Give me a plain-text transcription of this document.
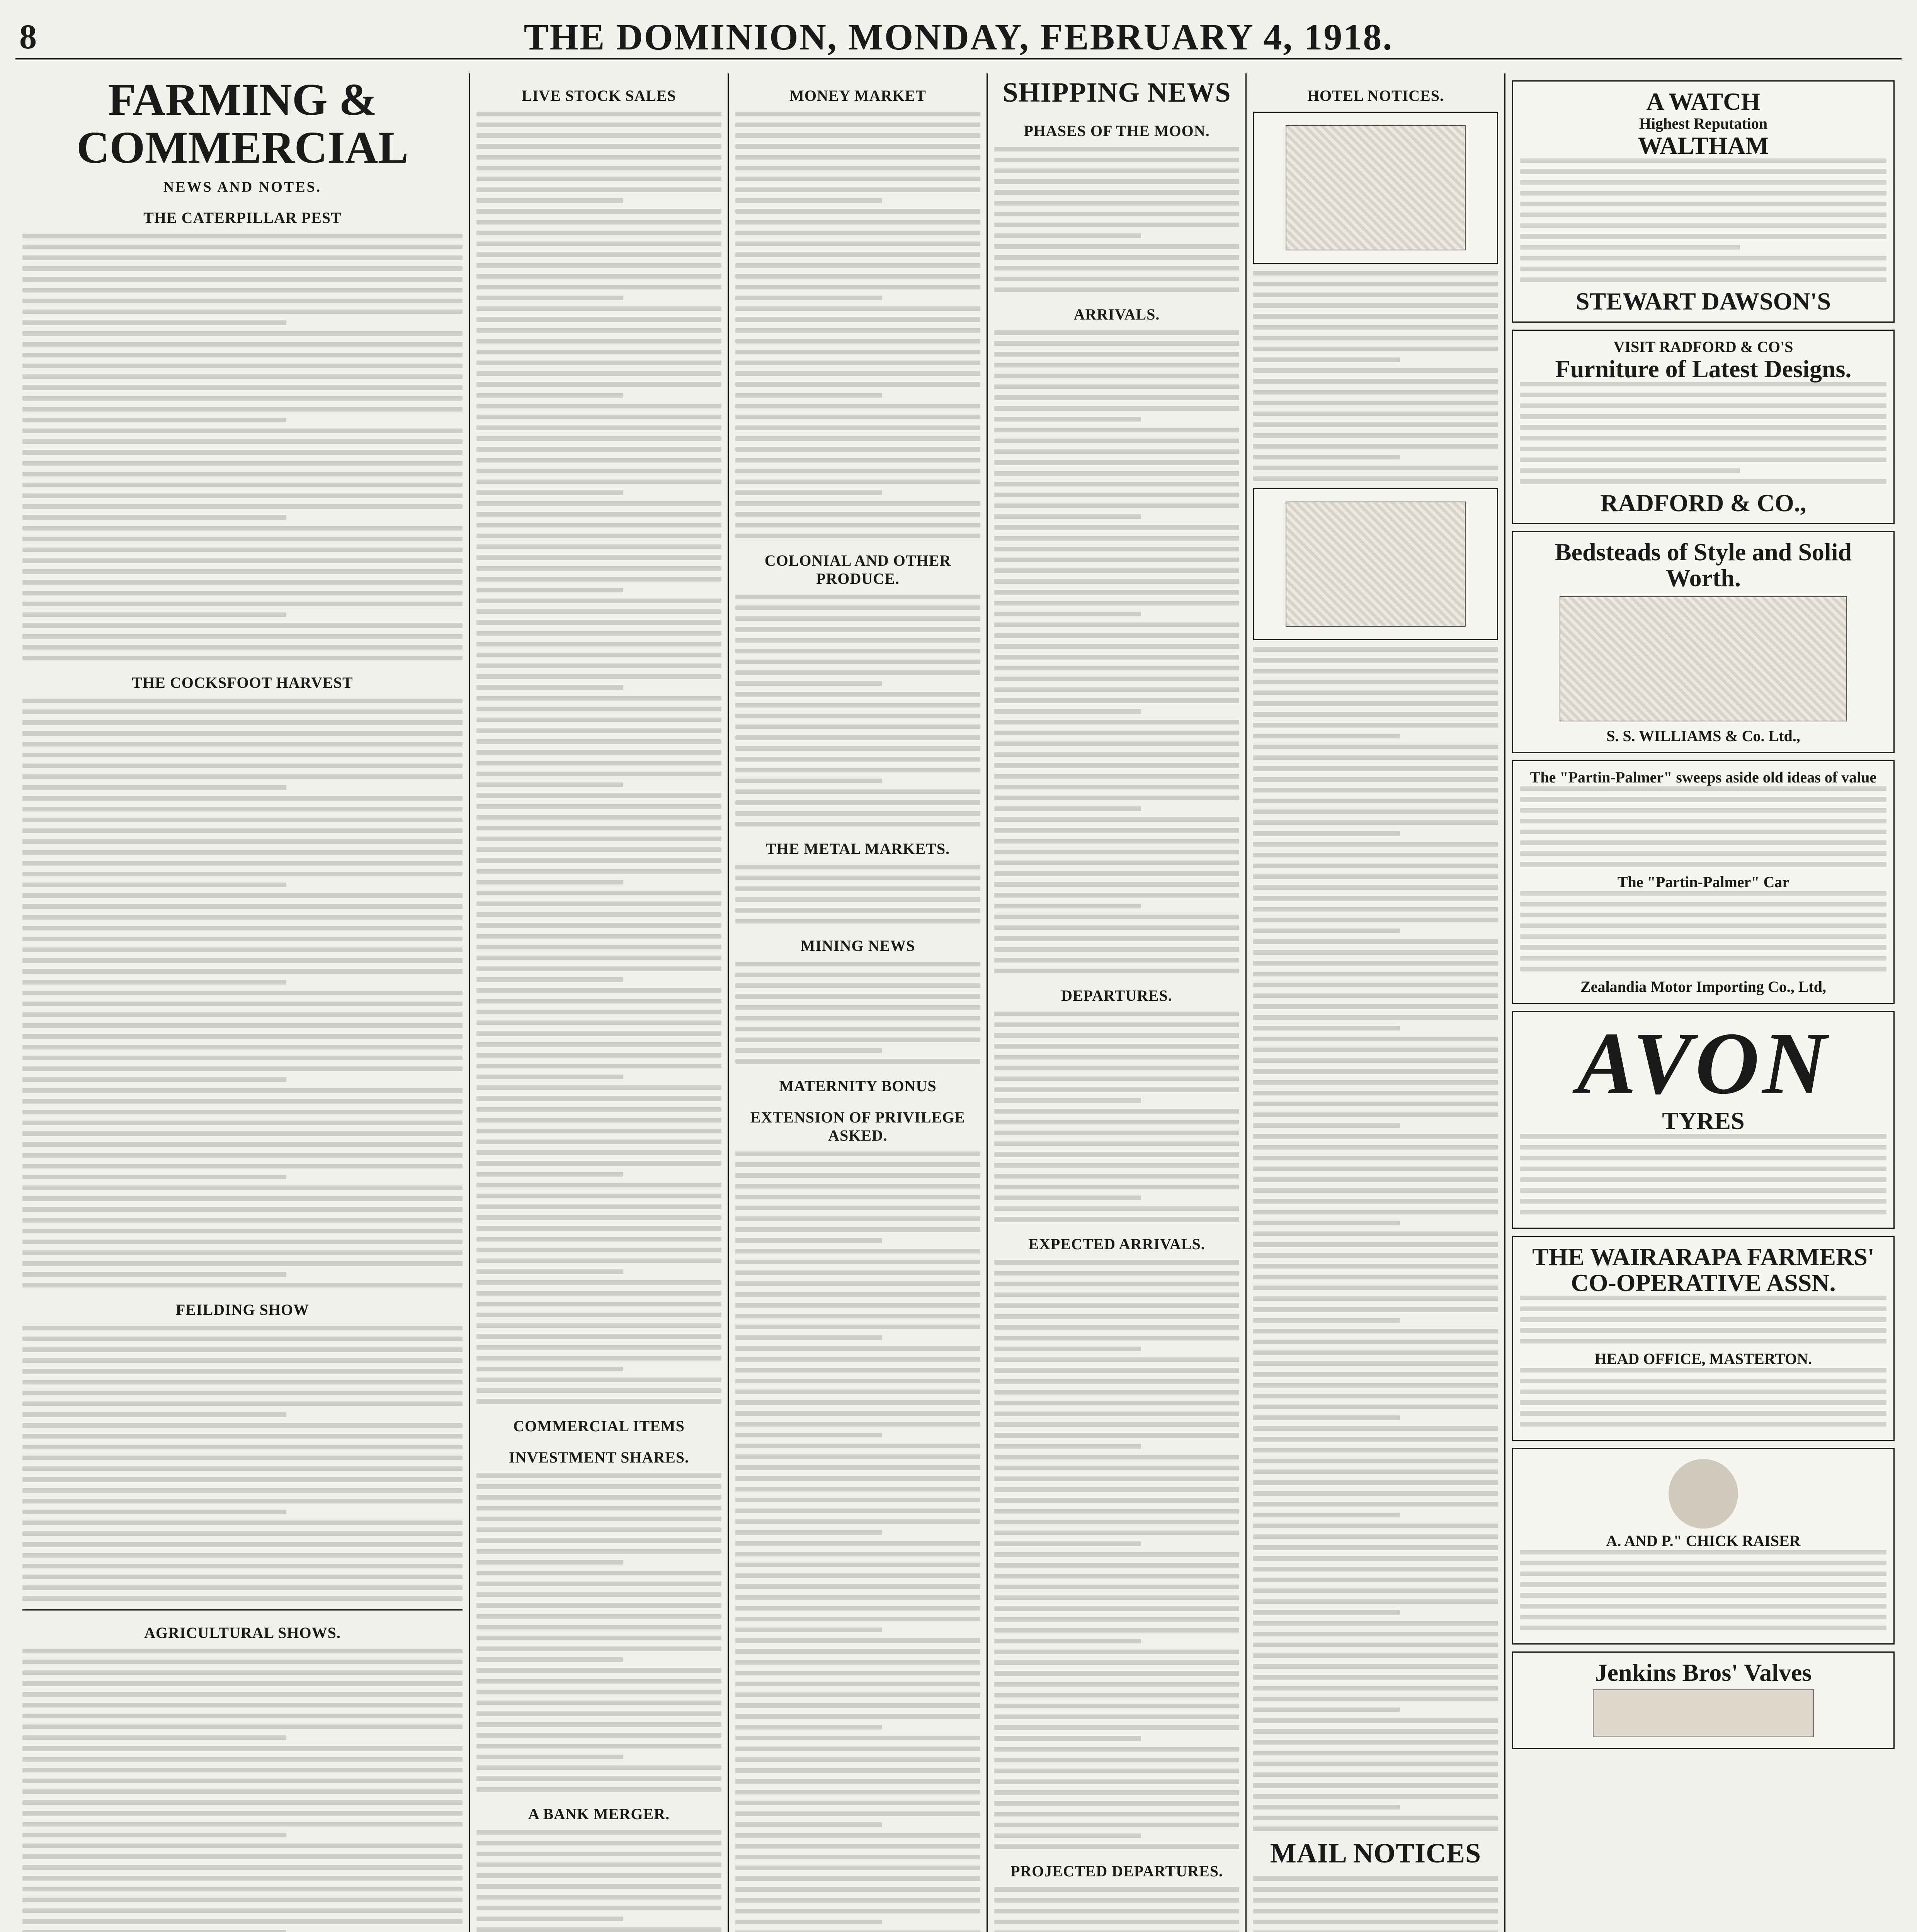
8	THE DOMINION, MONDAY, FEBRUARY 4, 1918.
FARMING & COMMERCIAL
NEWS AND NOTES.
THE CATERPILLAR PEST
THE COCKSFOOT HARVEST
FEILDING SHOW
AGRICULTURAL SHOWS.
LIVE STOCK SALES
COMMERCIAL ITEMS
INVESTMENT SHARES.
A BANK MERGER.
MONEY MARKET
COLONIAL AND OTHER PRODUCE.
THE METAL MARKETS.
MINING NEWS
MATERNITY BONUS
EXTENSION OF PRIVILEGE ASKED.
SHIPPING NEWS
PHASES OF THE MOON.
ARRIVALS.
DEPARTURES.
EXPECTED ARRIVALS.
PROJECTED DEPARTURES.
HOTEL NOTICES.
MAIL NOTICES
A WATCH
Highest Reputation
WALTHAM
STEWART DAWSON'S
VISIT RADFORD & CO'S
Furniture of Latest Designs.
RADFORD & CO.,
Bedsteads of Style and Solid Worth.
S. S. WILLIAMS & Co. Ltd.,
The "Partin-Palmer" sweeps aside old ideas of value
The "Partin-Palmer" Car
Zealandia Motor Importing Co., Ltd,
AVON
TYRES
THE WAIRARAPA FARMERS' CO-OPERATIVE ASSN.
HEAD OFFICE, MASTERTON.
A. AND P." CHICK RAISER
Jenkins Bros' Valves
